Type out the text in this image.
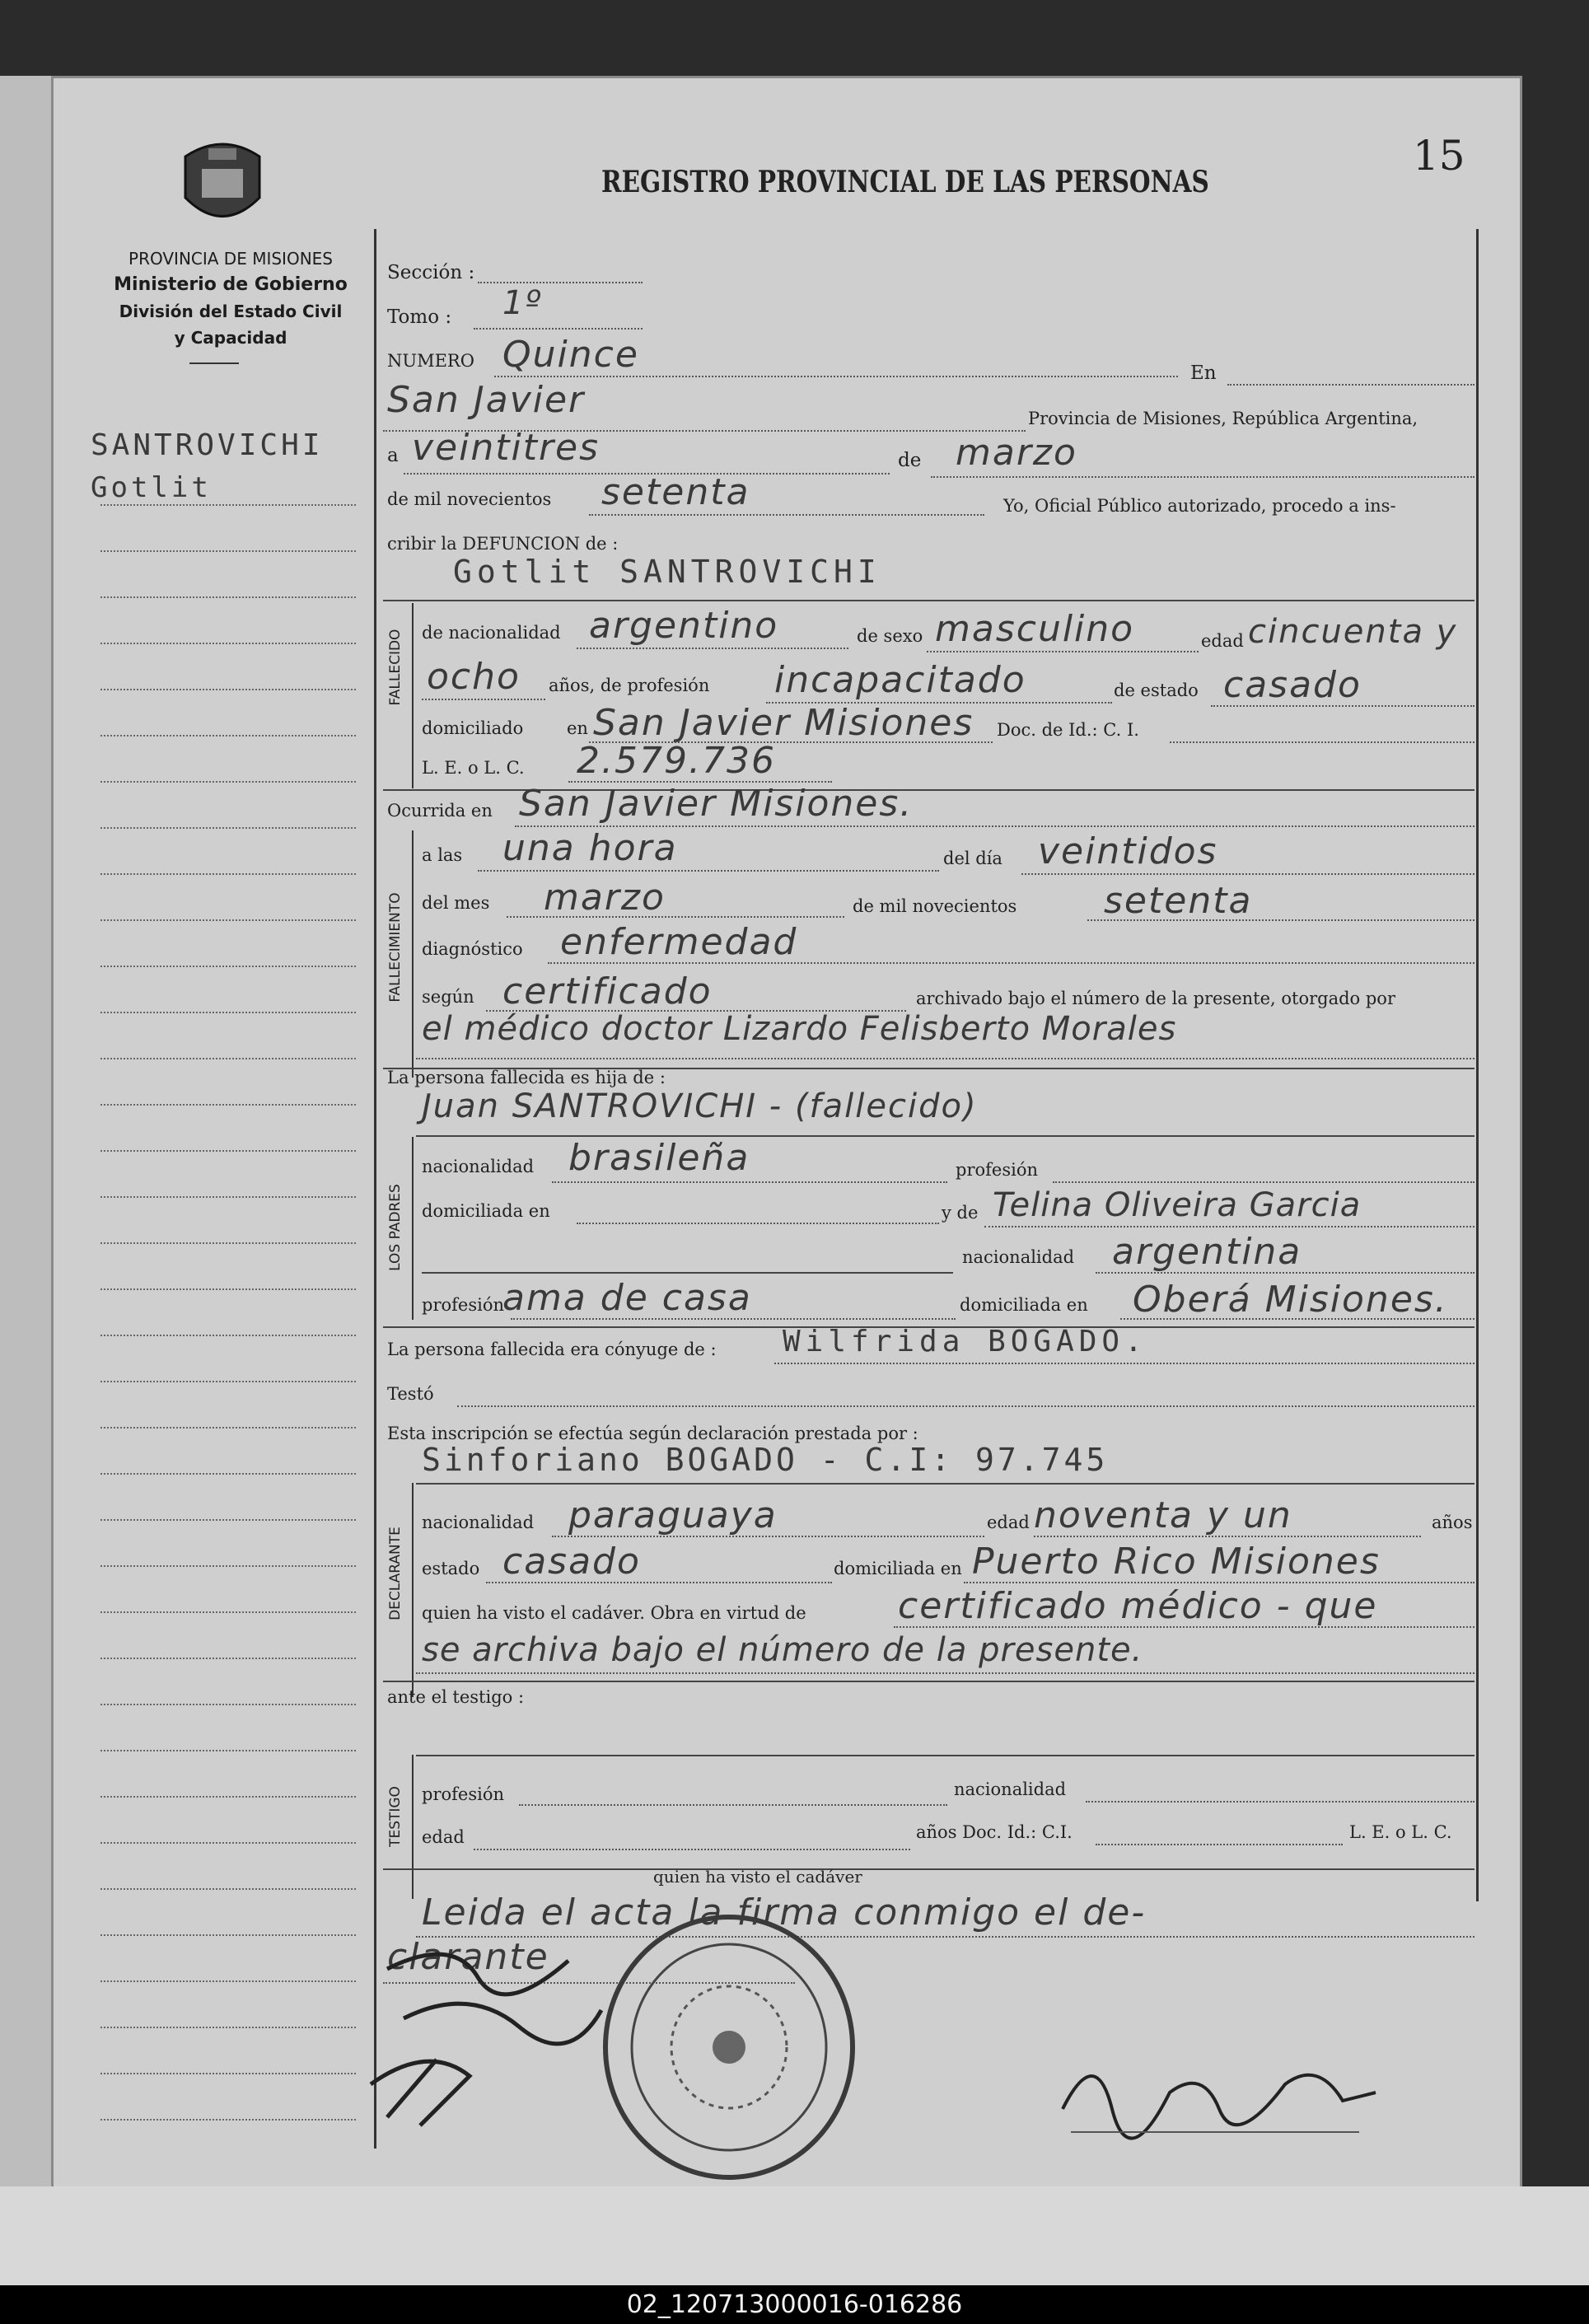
15
PROVINCIA DE MISIONES
Ministerio de Gobierno
División del Estado Civil
y Capacidad
REGISTRO PROVINCIAL DE LAS PERSONAS
SANTROVICHI
Gotlit
Sección :
Tomo : 1º
NUMERO Quince	En
San Javier	Provincia de Misiones, República Argentina,
a veintitres	de marzo
de mil novecientos setenta	Yo, Oficial Público autorizado, procedo a ins-
cribir la DEFUNCION de :
Gotlit SANTROVICHI
FALLECIDO de nacionalidad argentino	de sexo masculino	edad cincuenta y
ocho años, de profesión incapacitado	de estado casado
domiciliado	en San Javier Misiones Doc. de Id.: C. I.
L. E. o L. C. 2.579.736
Ocurrida en San Javier Misiones.
FALLECIMIENTO
a las una hora	del día veintidos
del mes marzo	de mil novecientos setenta
diagnóstico enfermedad
según certificado	archivado bajo el número de la presente, otorgado por
el médico doctor Lizardo Felisberto Morales
La persona fallecida es hija de :
Juan SANTROVICHI - (fallecido)
LOS PADRES
nacionalidad brasileña	profesión
domiciliada en	y de Telina Oliveira Garcia
nacionalidad argentina
profesión
ama de casa	domiciliada en Oberá Misiones.
La persona fallecida era cónyuge de : Wilfrida BOGADO.
Testó
Esta inscripción se efectúa según declaración prestada por :
Sinforiano BOGADO - C.I: 97.745
DECLARANTE
nacionalidad paraguaya	edad noventa y un	años
estado casado	domiciliada en Puerto Rico Misiones
quien ha visto el cadáver. Obra en virtud de	certificado médico - que
se archiva bajo el número de la presente.
ante el testigo :
TESTIGO profesión	nacionalidad
edad	años Doc. Id.: C.I.	L. E. o L. C.
quien ha visto el cadáver
Leida el acta la firma conmigo el de-
clarante
02_120713000016-016286
